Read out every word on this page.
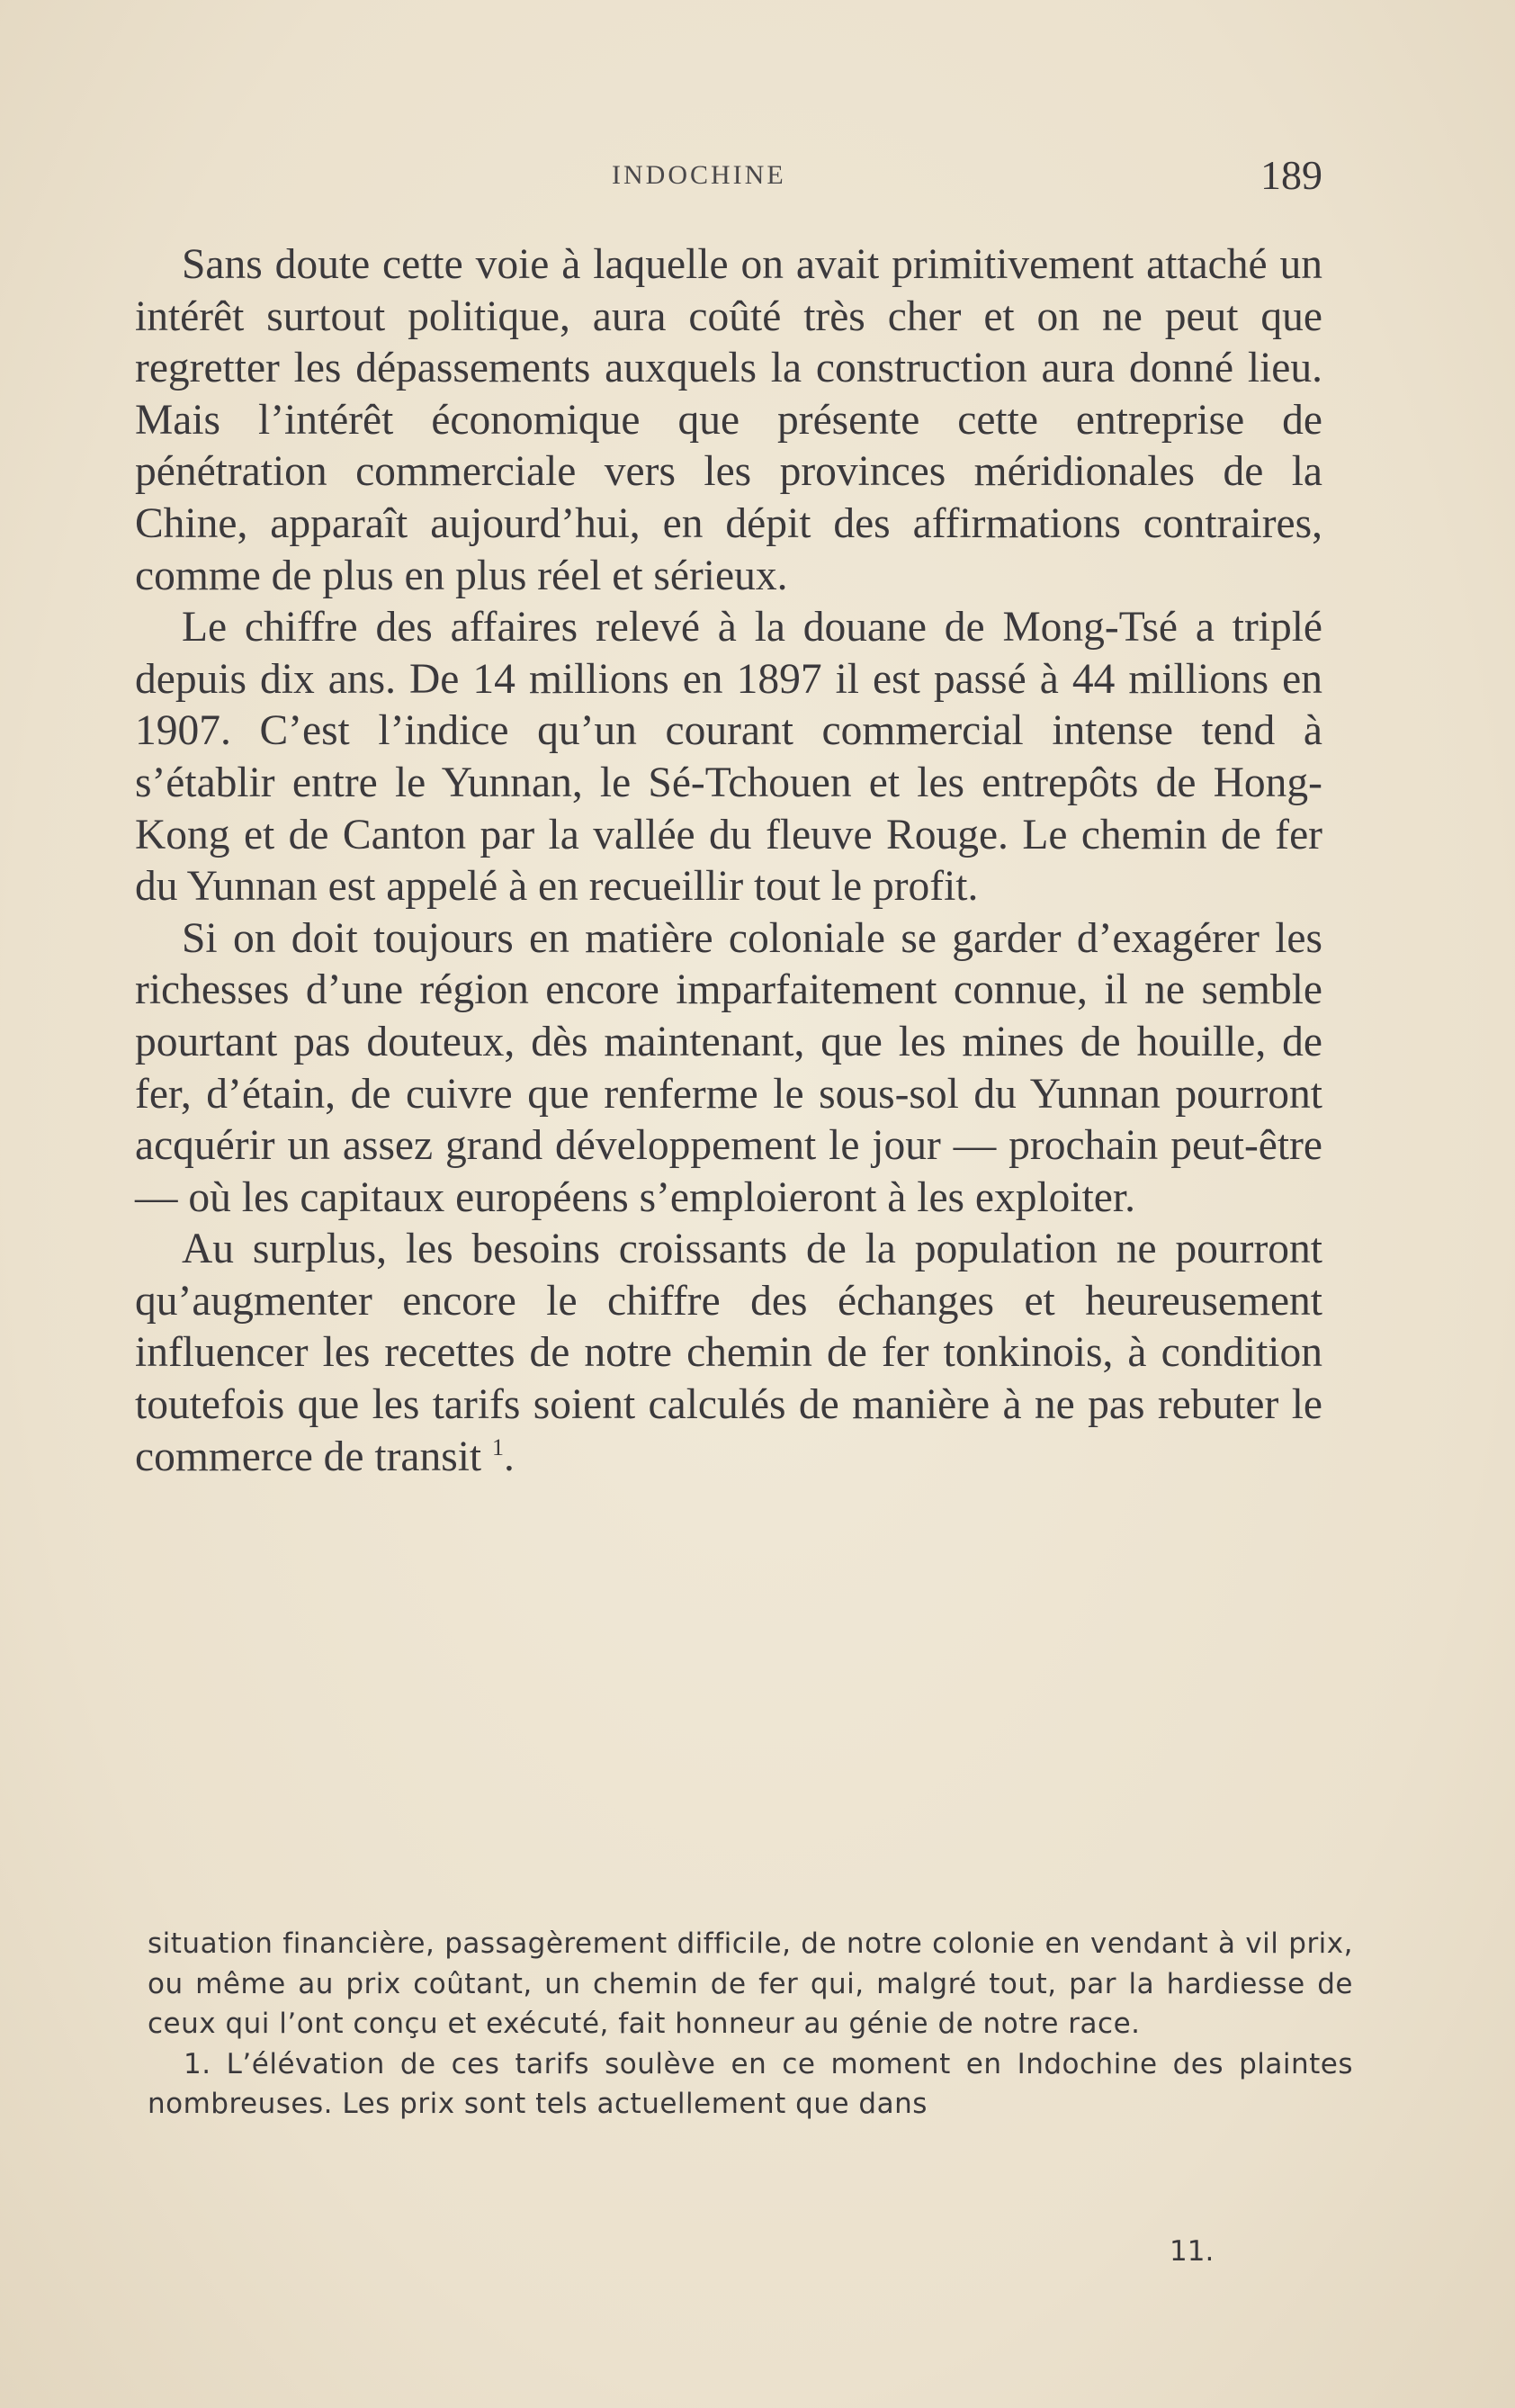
INDOCHINE	189

Sans doute cette voie à laquelle on avait primitivement attaché un intérêt surtout politique, aura coûté très cher et on ne peut que regretter les dépassements auxquels la construction aura donné lieu. Mais l’intérêt économique que présente cette entreprise de pénétration commerciale vers les provinces méridionales de la Chine, apparaît aujourd’hui, en dépit des affirmations contraires, comme de plus en plus réel et sérieux.

Le chiffre des affaires relevé à la douane de Mong-Tsé a triplé depuis dix ans. De 14 millions en 1897 il est passé à 44 millions en 1907. C’est l’indice qu’un courant commercial intense tend à s’établir entre le Yunnan, le Sé-Tchouen et les entrepôts de Hong-Kong et de Canton par la vallée du fleuve Rouge. Le chemin de fer du Yunnan est appelé à en recueillir tout le profit.

Si on doit toujours en matière coloniale se garder d’exagérer les richesses d’une région encore imparfaitement connue, il ne semble pourtant pas douteux, dès maintenant, que les mines de houille, de fer, d’étain, de cuivre que renferme le sous-sol du Yunnan pourront acquérir un assez grand développement le jour — prochain peut-être — où les capitaux européens s’emploieront à les exploiter.

Au surplus, les besoins croissants de la population ne pourront qu’augmenter encore le chiffre des échanges et heureusement influencer les recettes de notre chemin de fer tonkinois, à condition toutefois que les tarifs soient calculés de manière à ne pas rebuter le commerce de transit $^1$.

situation financière, passagèrement difficile, de notre colonie en vendant à vil prix, ou même au prix coûtant, un chemin de fer qui, malgré tout, par la hardiesse de ceux qui l’ont conçu et exécuté, fait honneur au génie de notre race.

1. L’élévation de ces tarifs soulève en ce moment en Indochine des plaintes nombreuses. Les prix sont tels actuellement que dans

11.
